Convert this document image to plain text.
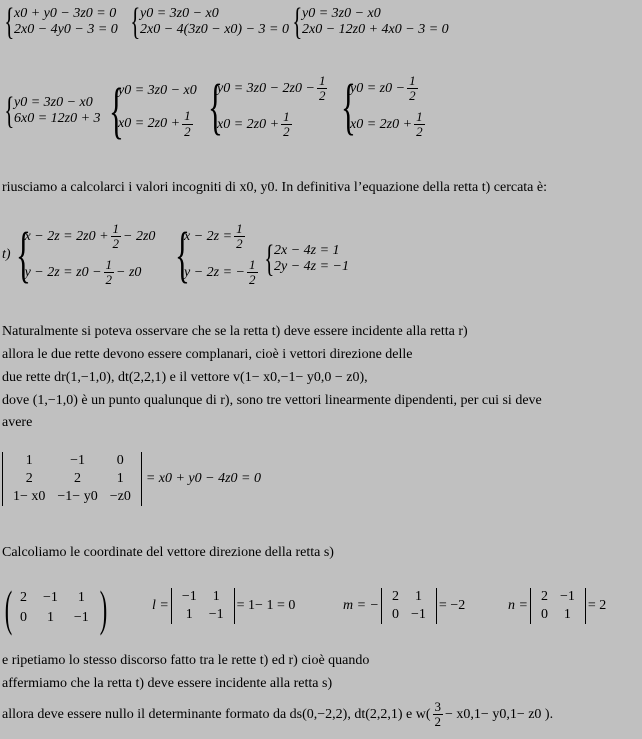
{ x0 + y0 − 3z0 = 0
2x0 − 4y0 − 3 = 0 { y0 = 3z0 − x0
2x0 − 4(3z0 − x0) − 3 = 0 { y0 = 3z0 − x0
2x0 − 12z0 + 4x0 − 3 = 0
{ y0 = 3z0 − x0
6x0 = 12z0 + 3 {
y0 = 3z0 − x0
$x0 = 2z0 + \frac{1}{2}$ {
$y0 = 3z0 - 2z0 - \frac{1}{2}$
$x0 = 2z0 + \frac{1}{2}$ {
$y0 = z0 - \frac{1}{2}$
$x0 = 2z0 + \frac{1}{2}$
riusciamo a calcolarci i valori incogniti di x0, y0. In definitiva l’equazione della retta t) cercata è:
t) {
$x - 2z = 2z0 + \frac{1}{2} - 2z0$
$y - 2z = z0 - \frac{1}{2} - z0$ {
$x - 2z = \frac{1}{2}$
y − 2z = − $\frac{1}{2}$ { 2x − 4z = 1
2y − 4z = −1
Naturalmente si poteva osservare che se la retta t) deve essere incidente alla retta r)
allora le due rette devono essere complanari, cioè i vettori direzione delle
due rette dr(1,−1,0), dt(2,2,1) e il vettore v(1− x0,−1− y0,0 − z0),
dove (1,−1,0) è un punto qualunque di r), sono tre vettori linearmente dipendenti, per cui si deve
avere
1	−1	0
2	2	1
1− x0	−1− y0	−z0
= x0 + y0 − 4z0 = 0
Calcoliamo le coordinate del vettore direzione della retta s)
( 2	−1	1
0	1	−1 )	l =
−1	1
1	−1
= 1− 1 = 0	m = −
2	1
0	−1
= −2	n =
2	−1
0	1
= 2
e ripetiamo lo stesso discorso fatto tra le rette t) ed r) cioè quando
affermiamo che la retta t) deve essere incidente alla retta s)
allora deve essere nullo il determinante formato da ds(0,−2,2), dt(2,2,1) e $w( \frac{3}{2} - x0,1- y0,1- z0$ ).
